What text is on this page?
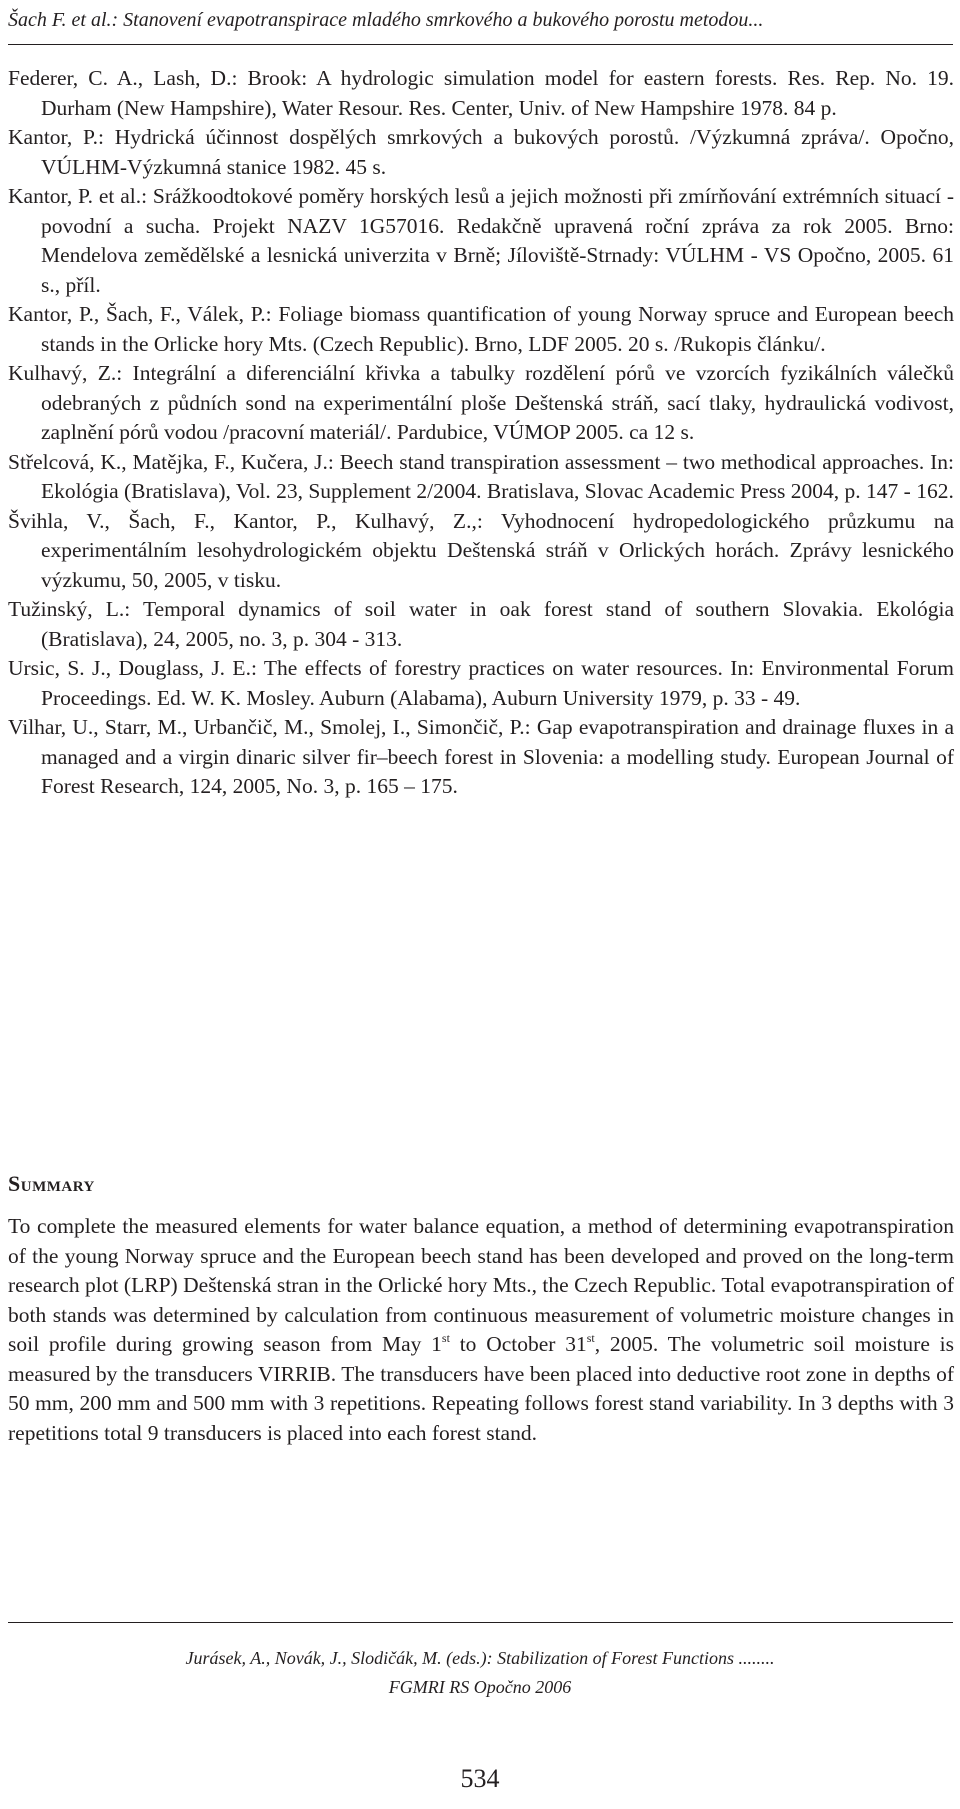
Šach F. et al.: Stanovení evapotranspirace mladého smrkového a bukového porostu metodou...

Federer, C. A., Lash, D.: Brook: A hydrologic simulation model for eastern forests. Res. Rep. No. 19. Durham (New Hampshire), Water Resour. Res. Center, Univ. of New Hampshire 1978. 84 p.

Kantor, P.: Hydrická účinnost dospělých smrkových a bukových porostů. /Výzkumná zpráva/. Opočno, VÚLHM-Výzkumná stanice 1982. 45 s.

Kantor, P. et al.: Srážkoodtokové poměry horských lesů a jejich možnosti při zmírňování extrémních situací - povodní a sucha. Projekt NAZV 1G57016. Redakčně upravená roční zpráva za rok 2005. Brno: Mendelova zemědělské a lesnická univerzita v Brně; Jíloviště-Strnady: VÚLHM - VS Opočno, 2005. 61 s., příl.

Kantor, P., Šach, F., Válek, P.: Foliage biomass quantification of young Norway spruce and European beech stands in the Orlicke hory Mts. (Czech Republic). Brno, LDF 2005. 20 s. /Rukopis článku/.

Kulhavý, Z.: Integrální a diferenciální křivka a tabulky rozdělení pórů ve vzorcích fyzikálních válečků odebraných z půdních sond na experimentální ploše Deštenská stráň, sací tlaky, hydraulická vodivost, zaplnění pórů vodou /pracovní materiál/. Pardubice, VÚMOP 2005. ca 12 s.

Střelcová, K., Matějka, F., Kučera, J.: Beech stand transpiration assessment – two methodical approaches. In: Ekológia (Bratislava), Vol. 23, Supplement 2/2004. Bratislava, Slovac Academic Press 2004, p. 147 - 162.

Švihla, V., Šach, F., Kantor, P., Kulhavý, Z.,: Vyhodnocení hydropedologického průzkumu na experimentálním lesohydrologickém objektu Deštenská stráň v Orlických horách. Zprávy lesnického výzkumu, 50, 2005, v tisku.

Tužinský, L.: Temporal dynamics of soil water in oak forest stand of southern Slovakia. Ekológia (Bratislava), 24, 2005, no. 3, p. 304 - 313.

Ursic, S. J., Douglass, J. E.: The effects of forestry practices on water resources. In: Environmental Forum Proceedings. Ed. W. K. Mosley. Auburn (Alabama), Auburn University 1979, p. 33 - 49.

Vilhar, U., Starr, M., Urbančič, M., Smolej, I., Simončič, P.: Gap evapotranspiration and drainage fluxes in a managed and a virgin dinaric silver fir–beech forest in Slovenia: a modelling study. European Journal of Forest Research, 124, 2005, No. 3, p. 165 – 175.

Summary
To complete the measured elements for water balance equation, a method of determining evapotranspiration of the young Norway spruce and the European beech stand has been developed and proved on the long-term research plot (LRP) Deštenská stran in the Orlické hory Mts., the Czech Republic. Total evapotranspiration of both stands was determined by calculation from continuous measurement of volumetric moisture changes in soil profile during growing season from May 1st to October 31st, 2005. The volumetric soil moisture is measured by the transducers VIRRIB. The transducers have been placed into deductive root zone in depths of 50 mm, 200 mm and 500 mm with 3 repetitions. Repeating follows forest stand variability. In 3 depths with 3 repetitions total 9 transducers is placed into each forest stand.
Jurásek, A., Novák, J., Slodičák, M. (eds.): Stabilization of Forest Functions ........
FGMRI RS Opočno 2006
534
